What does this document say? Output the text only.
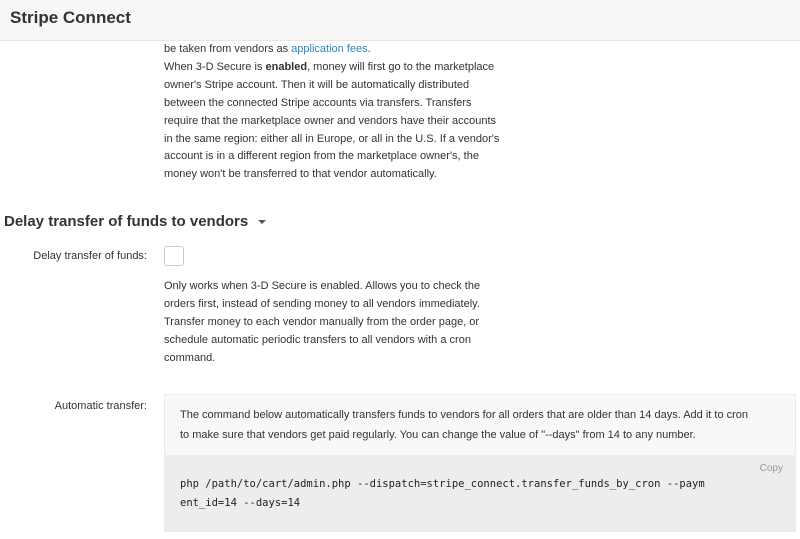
Stripe Connect
be taken from vendors as application fees.
When 3-D Secure is enabled, money will first go to the marketplace
owner's Stripe account. Then it will be automatically distributed
between the connected Stripe accounts via transfers. Transfers
require that the marketplace owner and vendors have their accounts
in the same region: either all in Europe, or all in the U.S. If a vendor's
account is in a different region from the marketplace owner's, the
money won't be transferred to that vendor automatically.
Delay transfer of funds to vendors
Delay transfer of funds:
Only works when 3-D Secure is enabled. Allows you to check the
orders first, instead of sending money to all vendors immediately.
Transfer money to each vendor manually from the order page, or
schedule automatic periodic transfers to all vendors with a cron
command.
Automatic transfer:
The command below automatically transfers funds to vendors for all orders that are older than 14 days. Add it to cron
to make sure that vendors get paid regularly. You can change the value of "--days" from 14 to any number.
Copy
php /path/to/cart/admin.php --dispatch=stripe_connect.transfer_funds_by_cron --paym
ent_id=14 --days=14
